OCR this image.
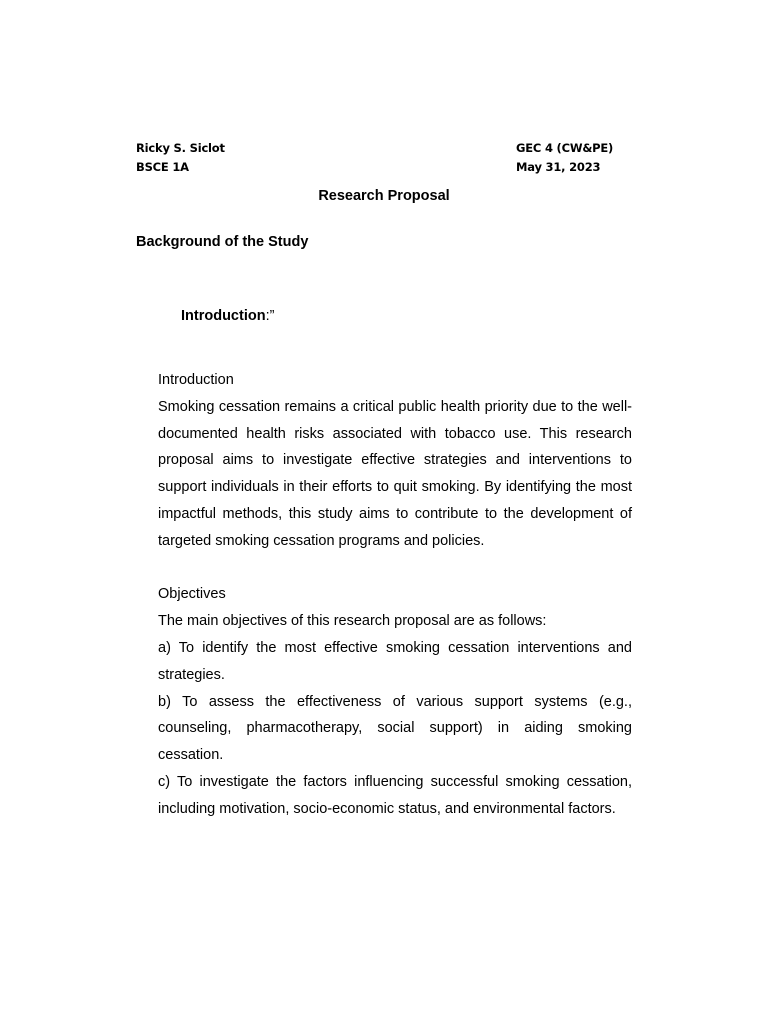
Ricky S. Siclot
BSCE 1A
GEC 4 (CW&PE)
May 31, 2023
Research Proposal
Background of the Study
Introduction:”

Introduction

Smoking cessation remains a critical public health priority due to the well-documented health risks associated with tobacco use. This research proposal aims to investigate effective strategies and interventions to support individuals in their efforts to quit smoking. By identifying the most impactful methods, this study aims to contribute to the development of targeted smoking cessation programs and policies.

Objectives

The main objectives of this research proposal are as follows:

a) To identify the most effective smoking cessation interventions and strategies.

b) To assess the effectiveness of various support systems (e.g., counseling, pharmacotherapy, social support) in aiding smoking cessation.

c) To investigate the factors influencing successful smoking cessation, including motivation, socio-economic status, and environmental factors.
